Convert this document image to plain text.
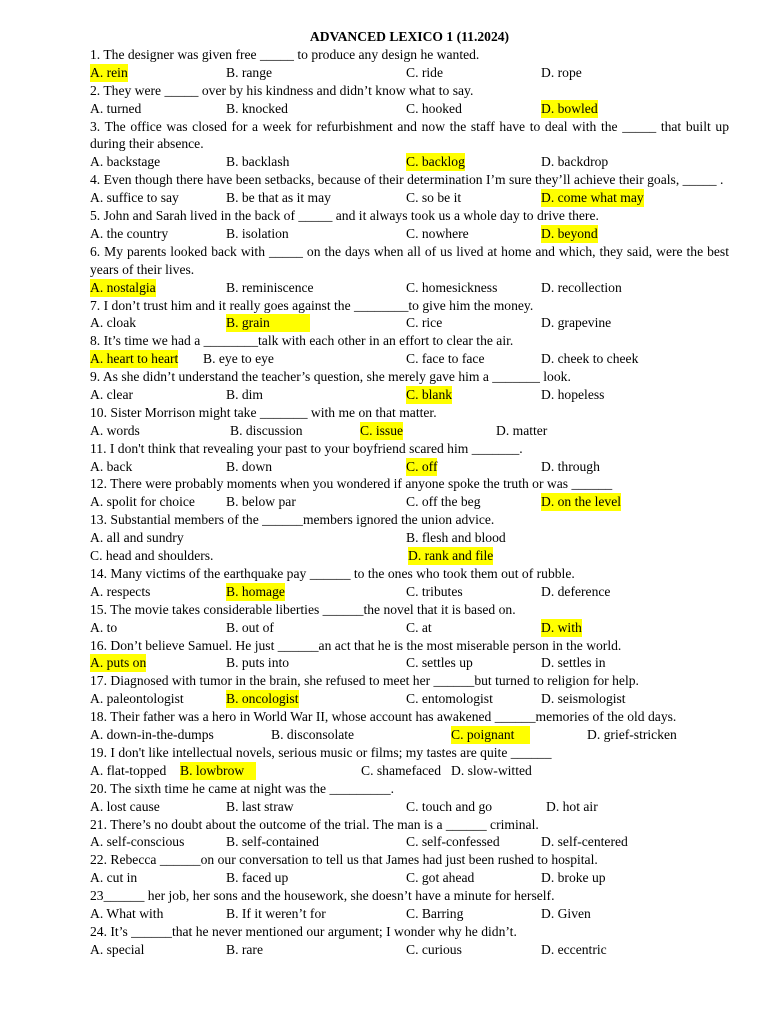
ADVANCED LEXICO 1 (11.2024)
1. The designer was given free _____ to produce any design he wanted.
A. rein	B. range	C. ride	D. rope
2. They were _____ over by his kindness and didn’t know what to say.
A. turned	B. knocked	C. hooked	D. bowled
3. The office was closed for a week for refurbishment and now the staff have to deal with the _____ that built up during their absence.
A. backstage	B. backlash	C. backlog	D. backdrop
4. Even though there have been setbacks, because of their determination I’m sure they’ll achieve their goals, _____ .
A. suffice to say	B. be that as it may	C. so be it	D. come what may
5. John and Sarah lived in the back of _____ and it always took us a whole day to drive there.
A. the country	B. isolation	C. nowhere	D. beyond
6. My parents looked back with _____ on the days when all of us lived at home and which, they said, were the best years of their lives.
A. nostalgia	B. reminiscence	C. homesickness	D. recollection
7. I don’t trust him and it really goes against the ________to give him the money.
A. cloak	B. grain	C. rice	D. grapevine
8. It’s time we had a ________talk with each other in an effort to clear the air.
A. heart to heart B. eye to eye	C. face to face	D. cheek to cheek
9. As she didn’t understand the teacher’s question, she merely gave him a _______ look.
A. clear	B. dim	C. blank	D. hopeless
10. Sister Morrison might take _______ with me on that matter.
A. words	B. discussion	C. issue	D. matter
11. I don't think that revealing your past to your boyfriend scared him _______.
A. back	B. down	C. off	D. through
12. There were probably moments when you wondered if anyone spoke the truth or was ______
A. spolit for choice B. below par	C. off the beg	D. on the level
13. Substantial members of the ______members ignored the union advice.
A. all and sundry	B. flesh and blood
C. head and shoulders.	D. rank and file
14. Many victims of the earthquake pay ______ to the ones who took them out of rubble.
A. respects	B. homage	C. tributes	D. deference
15. The movie takes considerable liberties ______the novel that it is based on.
A. to	B. out of	C. at	D. with
16. Don’t believe Samuel. He just ______an act that he is the most miserable person in the world.
A. puts on	B. puts into	C. settles up	D. settles in
17. Diagnosed with tumor in the brain, she refused to meet her ______but turned to religion for help.
A. paleontologist	B. oncologist	C. entomologist	D. seismologist
18. Their father was a hero in World War II, whose account has awakened ______memories of the old days.
A. down-in-the-dumps	B. disconsolate	C. poignant	D. grief-stricken
19. I don't like intellectual novels, serious music or films; my tastes are quite ______
A. flat-topped B. lowbrow	C. shamefaced D. slow-witted
20. The sixth time he came at night was the _________.
A. lost cause	B. last straw	C. touch and go	D. hot air
21. There’s no doubt about the outcome of the trial. The man is a ______ criminal.
A. self-conscious	B. self-contained	C. self-confessed	D. self-centered
22. Rebecca ______on our conversation to tell us that James had just been rushed to hospital.
A. cut in	B. faced up	C. got ahead	D. broke up
23______ her job, her sons and the housework, she doesn’t have a minute for herself.
A. What with	B. If it weren’t for	C. Barring	D. Given
24. It’s ______that he never mentioned our argument; I wonder why he didn’t.
A. special	B. rare	C. curious	D. eccentric
